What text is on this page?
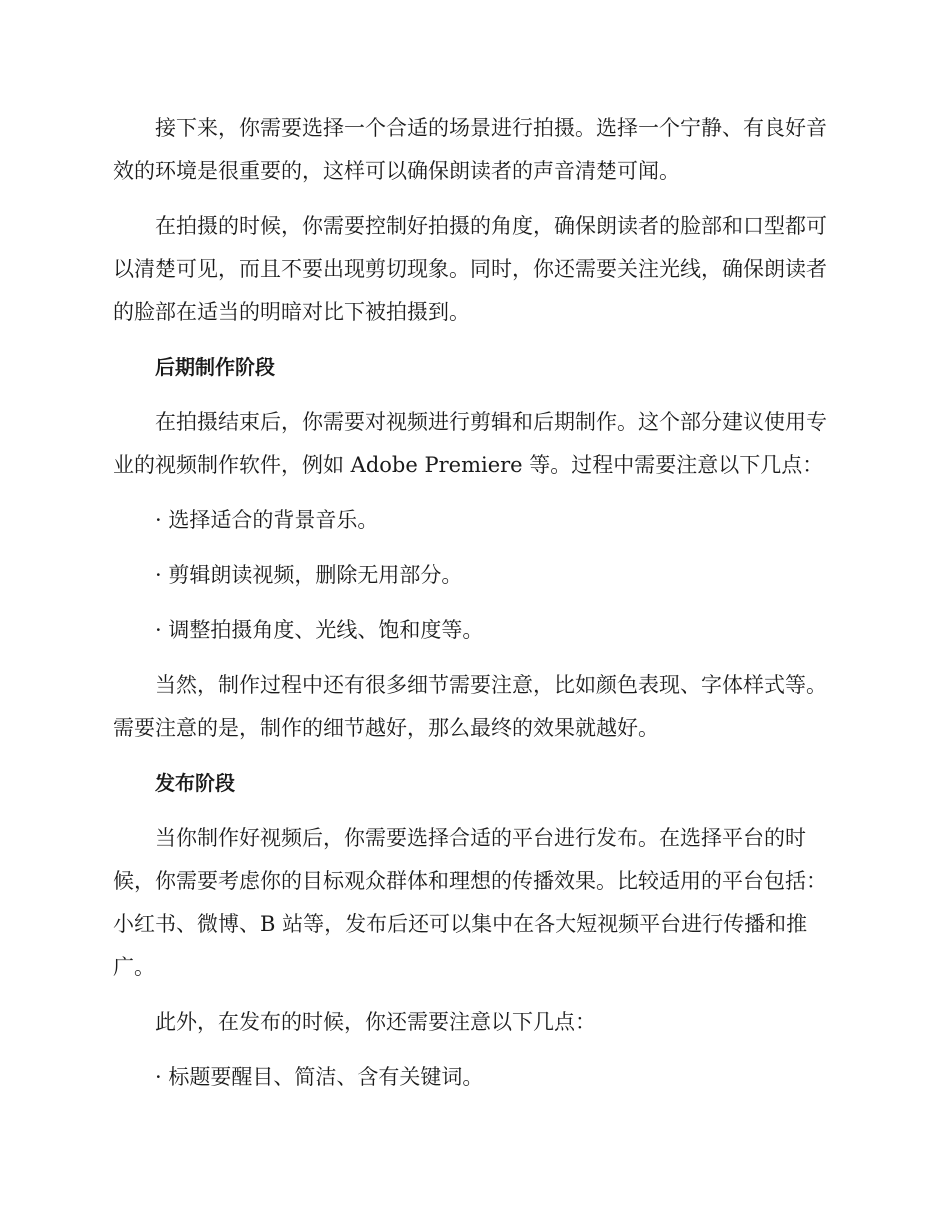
接下来，你需要选择一个合适的场景进行拍摄。选择一个宁静、有良好音效的环境是很重要的，这样可以确保朗读者的声音清楚可闻。

在拍摄的时候，你需要控制好拍摄的角度，确保朗读者的脸部和口型都可以清楚可见，而且不要出现剪切现象。同时，你还需要关注光线，确保朗读者的脸部在适当的明暗对比下被拍摄到。

后期制作阶段

在拍摄结束后，你需要对视频进行剪辑和后期制作。这个部分建议使用专业的视频制作软件，例如 Adobe Premiere 等。过程中需要注意以下几点：

· 选择适合的背景音乐。
· 剪辑朗读视频，删除无用部分。
· 调整拍摄角度、光线、饱和度等。

当然，制作过程中还有很多细节需要注意，比如颜色表现、字体样式等。需要注意的是，制作的细节越好，那么最终的效果就越好。

发布阶段

当你制作好视频后，你需要选择合适的平台进行发布。在选择平台的时候，你需要考虑你的目标观众群体和理想的传播效果。比较适用的平台包括：小红书、微博、B 站等，发布后还可以集中在各大短视频平台进行传播和推广。

此外，在发布的时候，你还需要注意以下几点：

· 标题要醒目、简洁、含有关键词。
